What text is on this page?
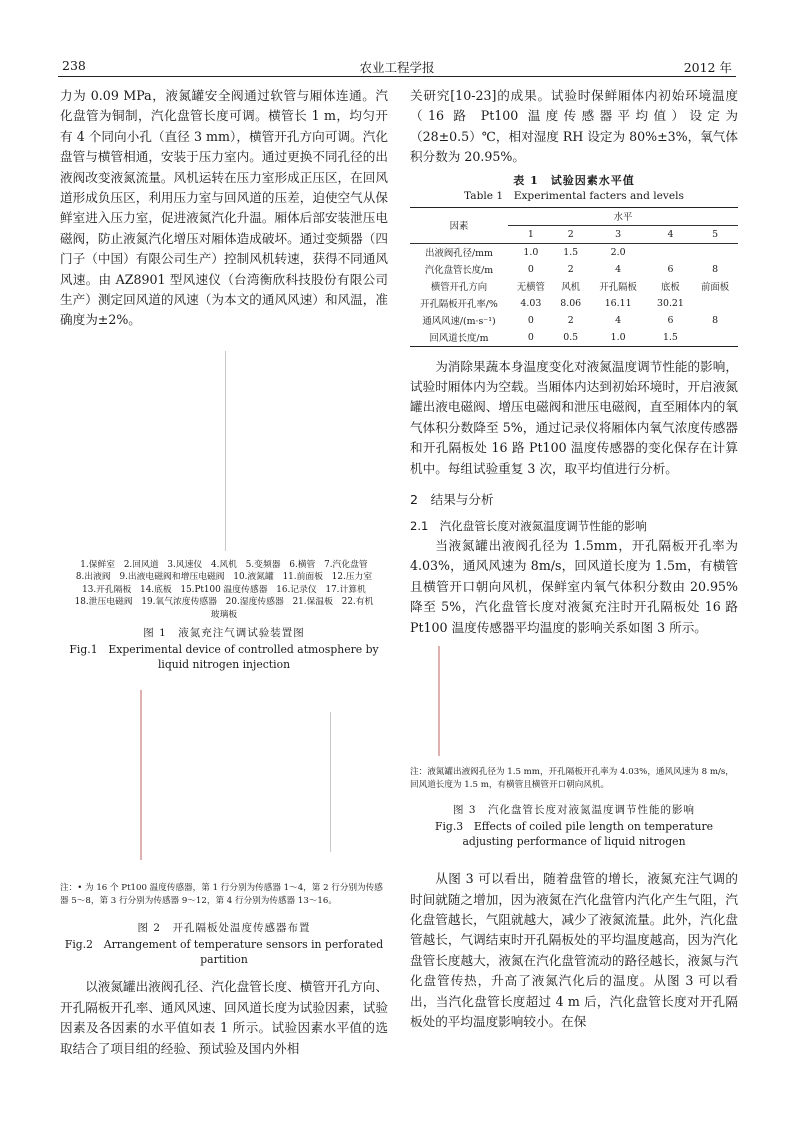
238	农业工程学报	2012 年

力为 0.09 MPa，液氮罐安全阀通过软管与厢体连通。汽化盘管为铜制，汽化盘管长度可调。横管长 1 m，均匀开有 4 个同向小孔（直径 3 mm），横管开孔方向可调。汽化盘管与横管相通，安装于压力室内。通过更换不同孔径的出液阀改变液氮流量。风机运转在压力室形成正压区，在回风道形成负压区，利用压力室与回风道的压差，迫使空气从保鲜室进入压力室，促进液氮汽化升温。厢体后部安装泄压电磁阀，防止液氮汽化增压对厢体造成破坏。通过变频器（四门子（中国）有限公司生产）控制风机转速，获得不同通风风速。由 AZ8901 型风速仪（台湾衡欣科技股份有限公司生产）测定回风道的风速（为本文的通风风速）和风温，准确度为±2%。

1.保鲜室　2.回风道　3.风速仪　4.风机　5.变频器　6.横管　7.汽化盘管

8.出液阀　9.出液电磁阀和增压电磁阀　10.液氮罐　11.前面板　12.压力室

13.开孔隔板　14.底板　15.Pt100 温度传感器　16.记录仪　17.计算机

18.泄压电磁阀　19.氧气浓度传感器　20.湿度传感器　21.保温板　22.有机

玻璃板

图 1　液氮充注气调试验装置图

Fig.1　Experimental device of controlled atmosphere by liquid nitrogen injection

注：• 为 16 个 Pt100 温度传感器，第 1 行分别为传感器 1～4，第 2 行分别为传感器 5～8，第 3 行分别为传感器 9～12，第 4 行分别为传感器 13～16。

图 2　开孔隔板处温度传感器布置

Fig.2　Arrangement of temperature sensors in perforated partition

以液氮罐出液阀孔径、汽化盘管长度、横管开孔方向、开孔隔板开孔率、通风风速、回风道长度为试验因素，试验因素及各因素的水平值如表 1 所示。试验因素水平值的选取结合了项目组的经验、预试验及国内外相

关研究[10-23]的成果。试验时保鲜厢体内初始环境温度（16 路 Pt100 温度传感器平均值）设定为（28±0.5）℃，相对湿度 RH 设定为 80%±3%，氧气体积分数为 20.95%。

表 1　试验因素水平值

Table 1　Experimental facters and levels

因素	水平				
	1	2	3	4	5
出液阀孔径/mm	1.0	1.5	2.0		
汽化盘管长度/m	0	2	4	6	8
横管开孔方向	无横管	风机	开孔隔板	底板	前面板
开孔隔板开孔率/%	4.03	8.06	16.11	30.21	
通风风速/(m·s⁻¹)	0	2	4	6	8
回风道长度/m	0	0.5	1.0	1.5	

为消除果蔬本身温度变化对液氮温度调节性能的影响，试验时厢体内为空载。当厢体内达到初始环境时，开启液氮罐出液电磁阀、增压电磁阀和泄压电磁阀，直至厢体内的氧气体积分数降至 5%，通过记录仪将厢体内氧气浓度传感器和开孔隔板处 16 路 Pt100 温度传感器的变化保存在计算机中。每组试验重复 3 次，取平均值进行分析。

2　结果与分析
2.1　汽化盘管长度对液氮温度调节性能的影响

当液氮罐出液阀孔径为 1.5mm，开孔隔板开孔率为 4.03%，通风风速为 8m/s，回风道长度为 1.5m，有横管且横管开口朝向风机，保鲜室内氧气体积分数由 20.95% 降至 5%，汽化盘管长度对液氮充注时开孔隔板处 16 路 Pt100 温度传感器平均温度的影响关系如图 3 所示。

注：液氮罐出液阀孔径为 1.5 mm，开孔隔板开孔率为 4.03%，通风风速为 8 m/s，回风道长度为 1.5 m，有横管且横管开口朝向风机。

图 3　汽化盘管长度对液氮温度调节性能的影响

Fig.3　Effects of coiled pile length on temperature adjusting performance of liquid nitrogen

从图 3 可以看出，随着盘管的增长，液氮充注气调的时间就随之增加，因为液氮在汽化盘管内汽化产生气阻，汽化盘管越长，气阻就越大，减少了液氮流量。此外，汽化盘管越长，气调结束时开孔隔板处的平均温度越高，因为汽化盘管长度越大，液氮在汽化盘管流动的路径越长，液氮与汽化盘管传热，升高了液氮汽化后的温度。从图 3 可以看出，当汽化盘管长度超过 4 m 后，汽化盘管长度对开孔隔板处的平均温度影响较小。在保
